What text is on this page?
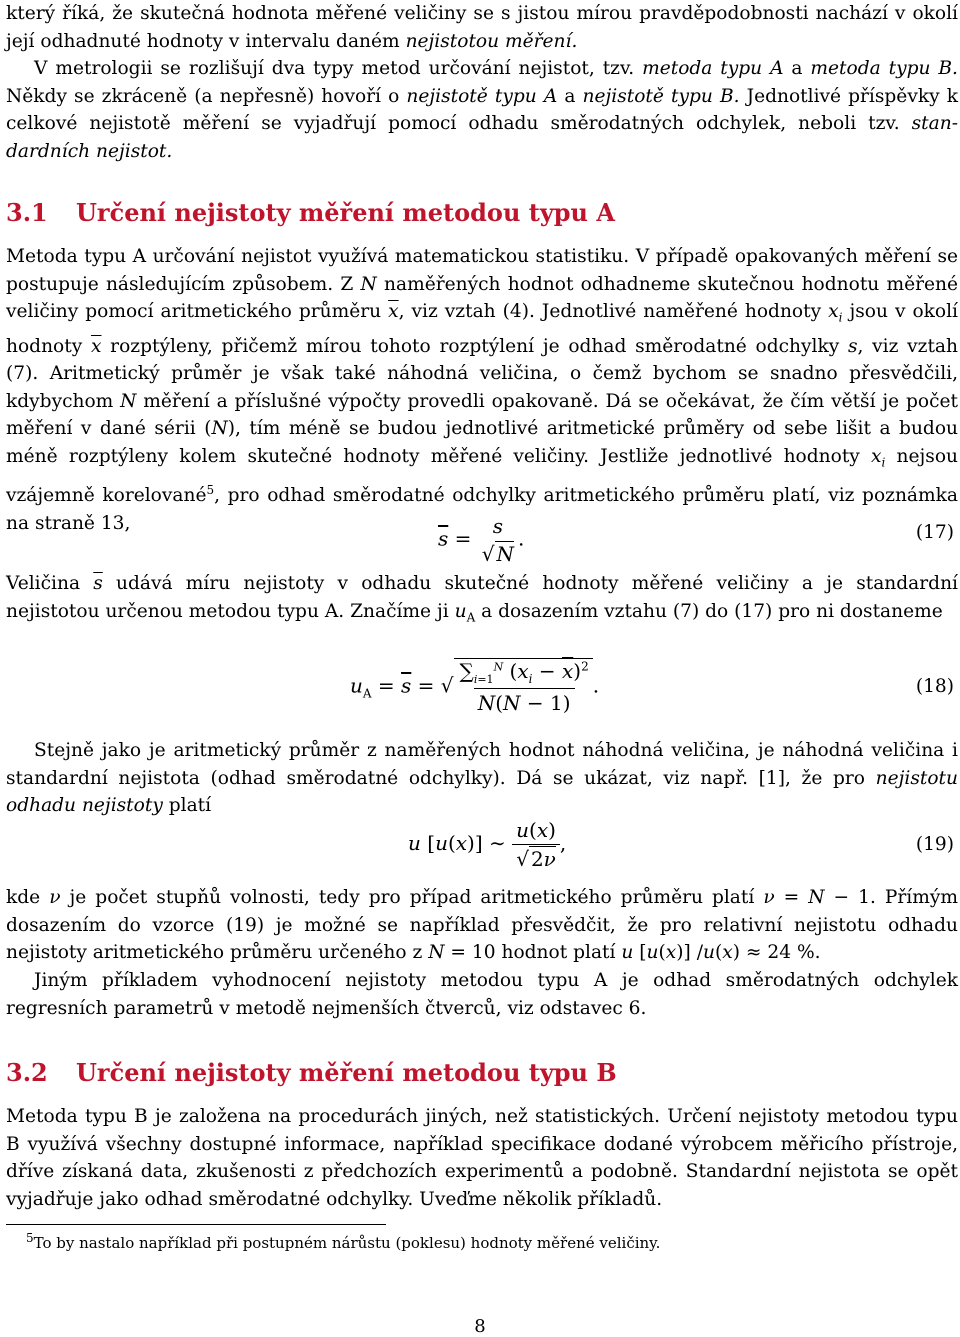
který říká, že skutečná hodnota měřené veličiny se s jistou mírou pravděpodobnosti nachází v okolí její odhadnuté hodnoty v intervalu daném nejistotou měření.
V metrologii se rozlišují dva typy metod určování nejistot, tzv. metoda typu A a metoda typu B. Někdy se zkráceně (a nepřesně) hovoří o nejistotě typu A a nejistotě typu B. Jednotlivé příspěvky k celkové nejistotě měření se vyjadřují pomocí odhadu směrodatných odchylek, neboli tzv. stan-dardních nejistot.

3.1 Určení nejistoty měření metodou typu A

Metoda typu A určování nejistot využívá matematickou statistiku. V případě opakovaných měření se postupuje následujícím způsobem. Z N naměřených hodnot odhadneme skutečnou hodnotu měřené veličiny pomocí aritmetického průměru $\overline{x}$, viz vztah (4). Jednotlivé naměřené hodnoty $x_i$ jsou v okolí hodnoty $\overline{x}$ rozptýleny, přičemž mírou tohoto rozptýlení je odhad směrodatné odchylky s, viz vztah (7). Aritmetický průměr je však také náhodná veličina, o čemž bychom se snadno přesvědčili, kdybychom N měření a příslušné výpočty provedli opakovaně. Dá se očekávat, že čím větší je počet měření v dané sérii (N), tím méně se budou jednotlivé aritmetické průměry od sebe lišit a budou méně rozptýleny kolem skutečné hodnoty měřené veličiny. Jestliže jednotlivé hodnoty $x_i$ nejsou vzájemně korelované$^5$, pro odhad směrodatné odchylky aritmetického průměru platí, viz poznámka na straně 13,

$\overline{s}$ =
s
√ N
.	(17)

Veličina $\overline{s}$ udává míru nejistoty v odhadu skutečné hodnoty měřené veličiny a je standardní nejistotou určenou metodou typu A. Značíme ji $u_A$ a dosazením vztahu (7) do (17) pro ni dostaneme

$u_A = \overline{s}$ = √ $\frac{\sum_{i=1}^N (x_i - \overline{x})^2}{N(N - 1)}$ .	(18)

Stejně jako je aritmetický průměr z naměřených hodnot náhodná veličina, je náhodná veličina i standardní nejistota (odhad směrodatné odchylky). Dá se ukázat, viz např. [1], že pro nejistotu odhadu nejistoty platí

u [u(x)] ∼ $\frac{u(x)}{√ 2\nu}$ ,	(19)

kde ν je počet stupňů volnosti, tedy pro případ aritmetického průměru platí ν = N − 1. Přímým dosazením do vzorce (19) je možné se například přesvědčit, že pro relativní nejistotu odhadu nejistoty aritmetického průměru určeného z N = 10 hodnot platí u [u(x)] /u(x) ≈ 24 %.

Jiným příkladem vyhodnocení nejistoty metodou typu A je odhad směrodatných odchylek regresních parametrů v metodě nejmenších čtverců, viz odstavec 6.

3.2 Určení nejistoty měření metodou typu B

Metoda typu B je založena na procedurách jiných, než statistických. Určení nejistoty metodou typu B využívá všechny dostupné informace, například specifikace dodané výrobcem měřicího přístroje, dříve získaná data, zkušenosti z předchozích experimentů a podobně. Standardní nejistota se opět vyjadřuje jako odhad směrodatné odchylky. Uveďme několik příkladů.

$^5$To by nastalo například při postupném nárůstu (poklesu) hodnoty měřené veličiny.
8
